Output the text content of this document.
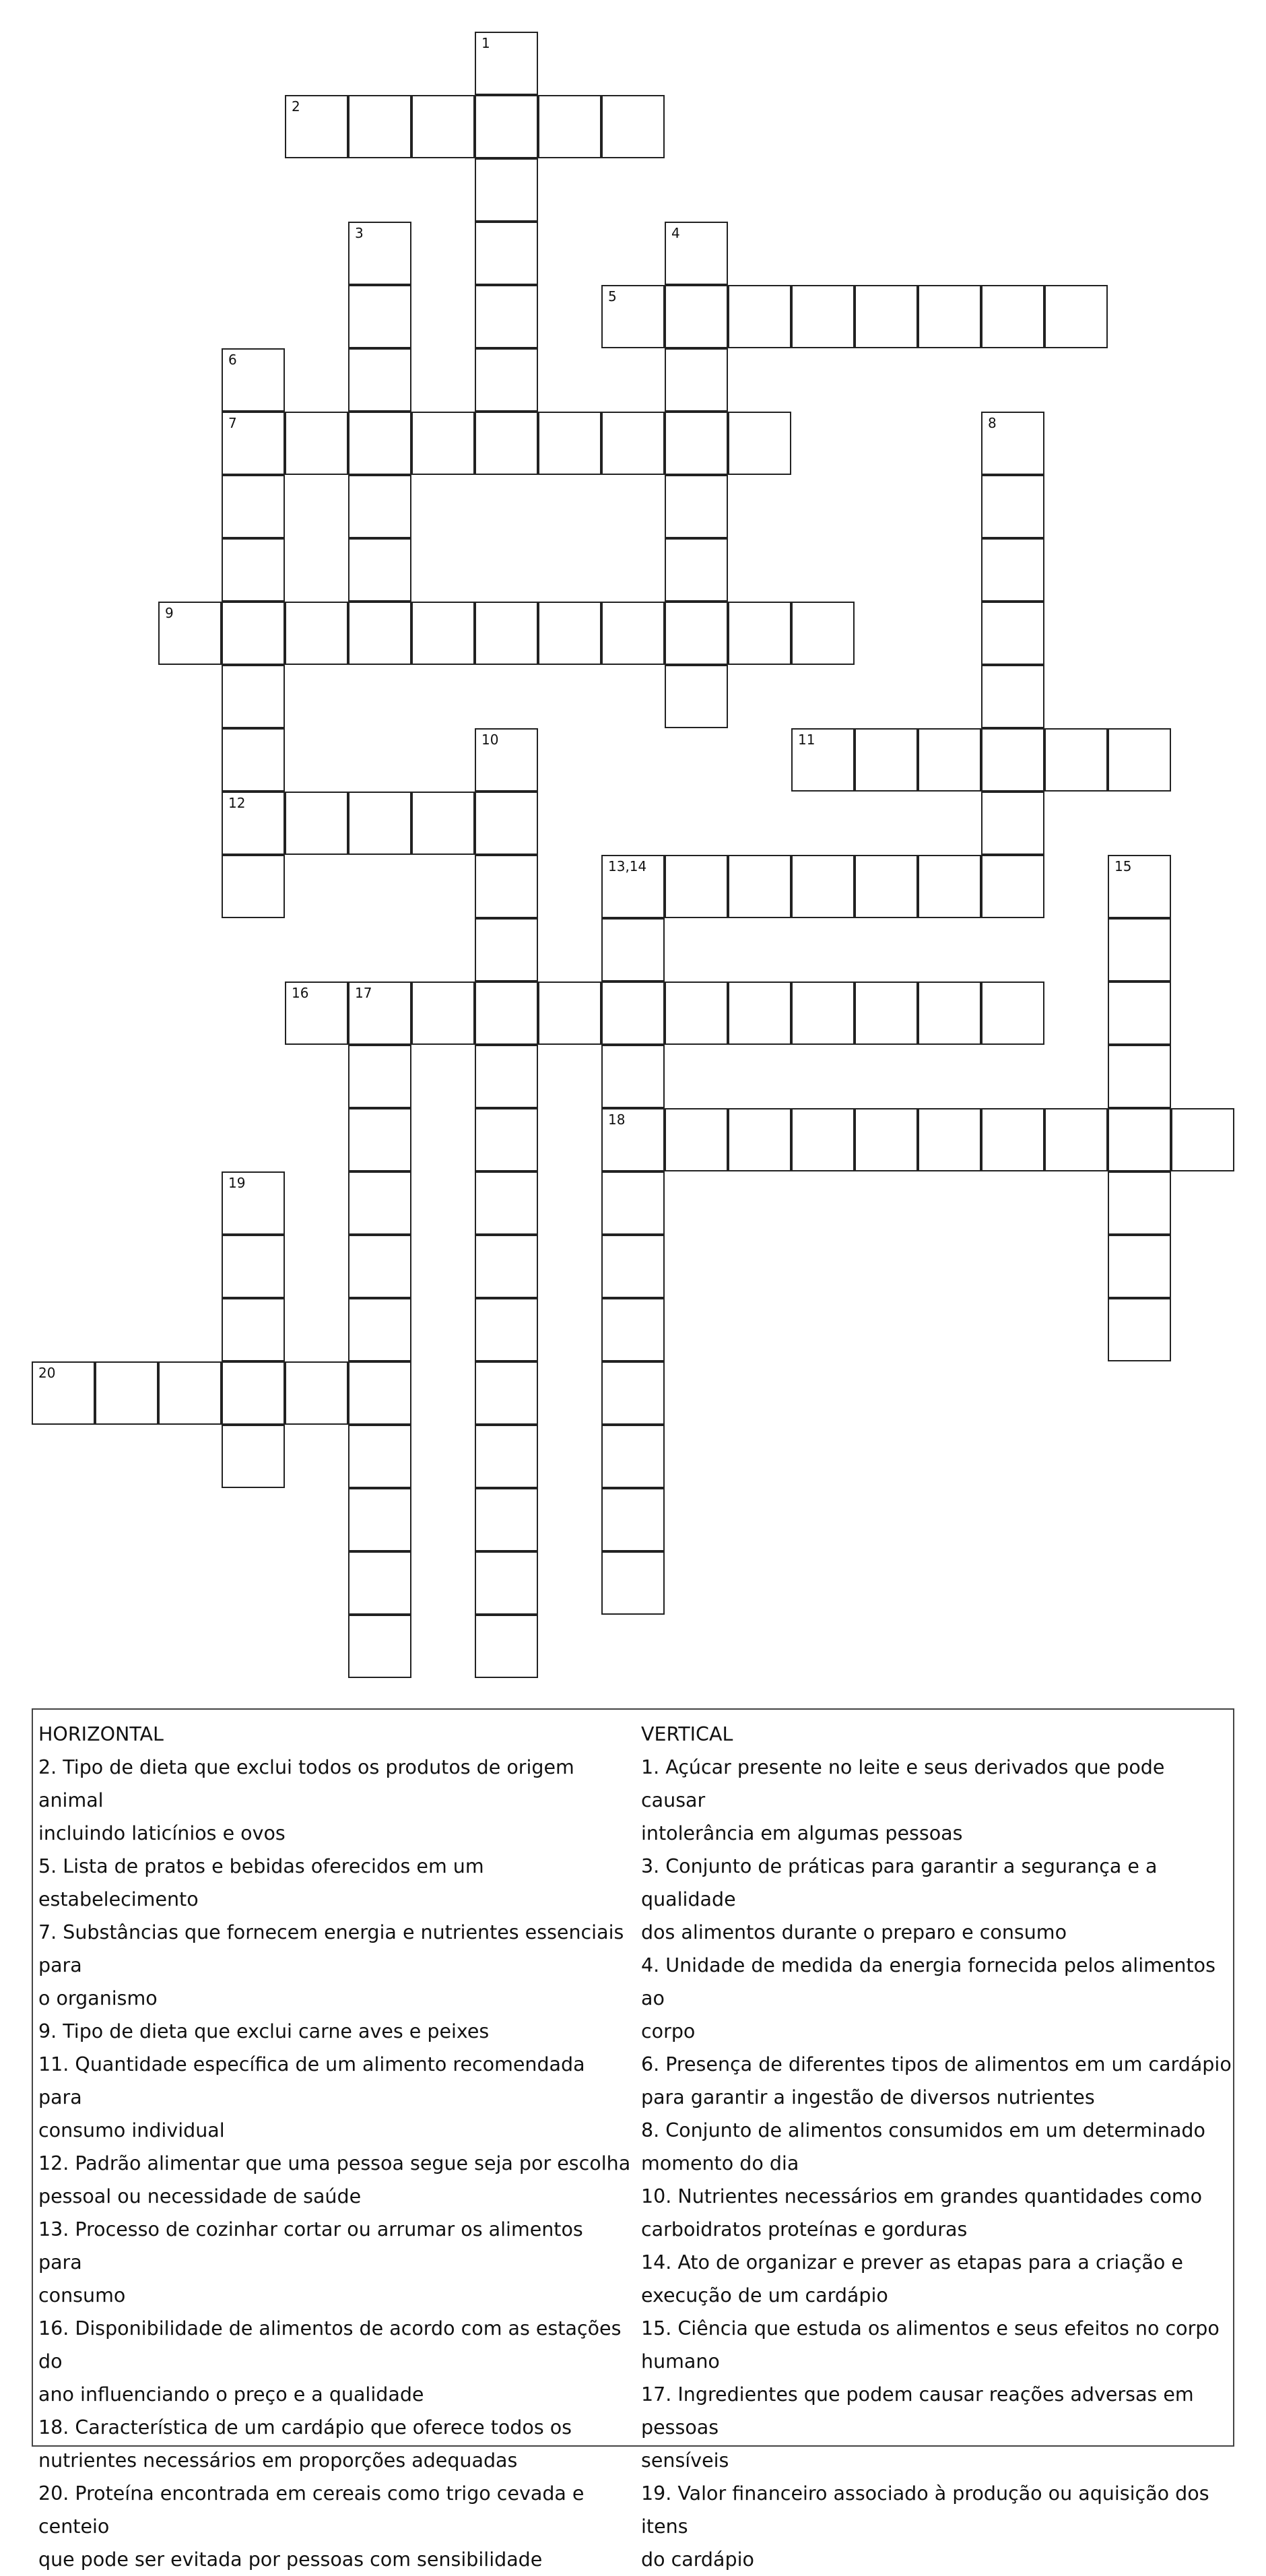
1
2
3	4
5
6
7
12
8
9
10	11
13,14
18
15
16	17
19
20
HORIZONTAL
2. Tipo de dieta que exclui todos os produtos de origem animal
incluindo laticínios e ovos
5. Lista de pratos e bebidas oferecidos em um estabelecimento
7. Substâncias que fornecem energia e nutrientes essenciais para
o organismo
9. Tipo de dieta que exclui carne aves e peixes
11. Quantidade específica de um alimento recomendada para
consumo individual
12. Padrão alimentar que uma pessoa segue seja por escolha
pessoal ou necessidade de saúde
13. Processo de cozinhar cortar ou arrumar os alimentos para
consumo
16. Disponibilidade de alimentos de acordo com as estações do
ano influenciando o preço e a qualidade
18. Característica de um cardápio que oferece todos os
nutrientes necessários em proporções adequadas
20. Proteína encontrada em cereais como trigo cevada e centeio
que pode ser evitada por pessoas com sensibilidade
VERTICAL
1. Açúcar presente no leite e seus derivados que pode causar
intolerância em algumas pessoas
3. Conjunto de práticas para garantir a segurança e a qualidade
dos alimentos durante o preparo e consumo
4. Unidade de medida da energia fornecida pelos alimentos ao
corpo
6. Presença de diferentes tipos de alimentos em um cardápio
para garantir a ingestão de diversos nutrientes
8. Conjunto de alimentos consumidos em um determinado
momento do dia
10. Nutrientes necessários em grandes quantidades como
carboidratos proteínas e gorduras
14. Ato de organizar e prever as etapas para a criação e
execução de um cardápio
15. Ciência que estuda os alimentos e seus efeitos no corpo
humano
17. Ingredientes que podem causar reações adversas em pessoas
sensíveis
19. Valor financeiro associado à produção ou aquisição dos itens
do cardápio
